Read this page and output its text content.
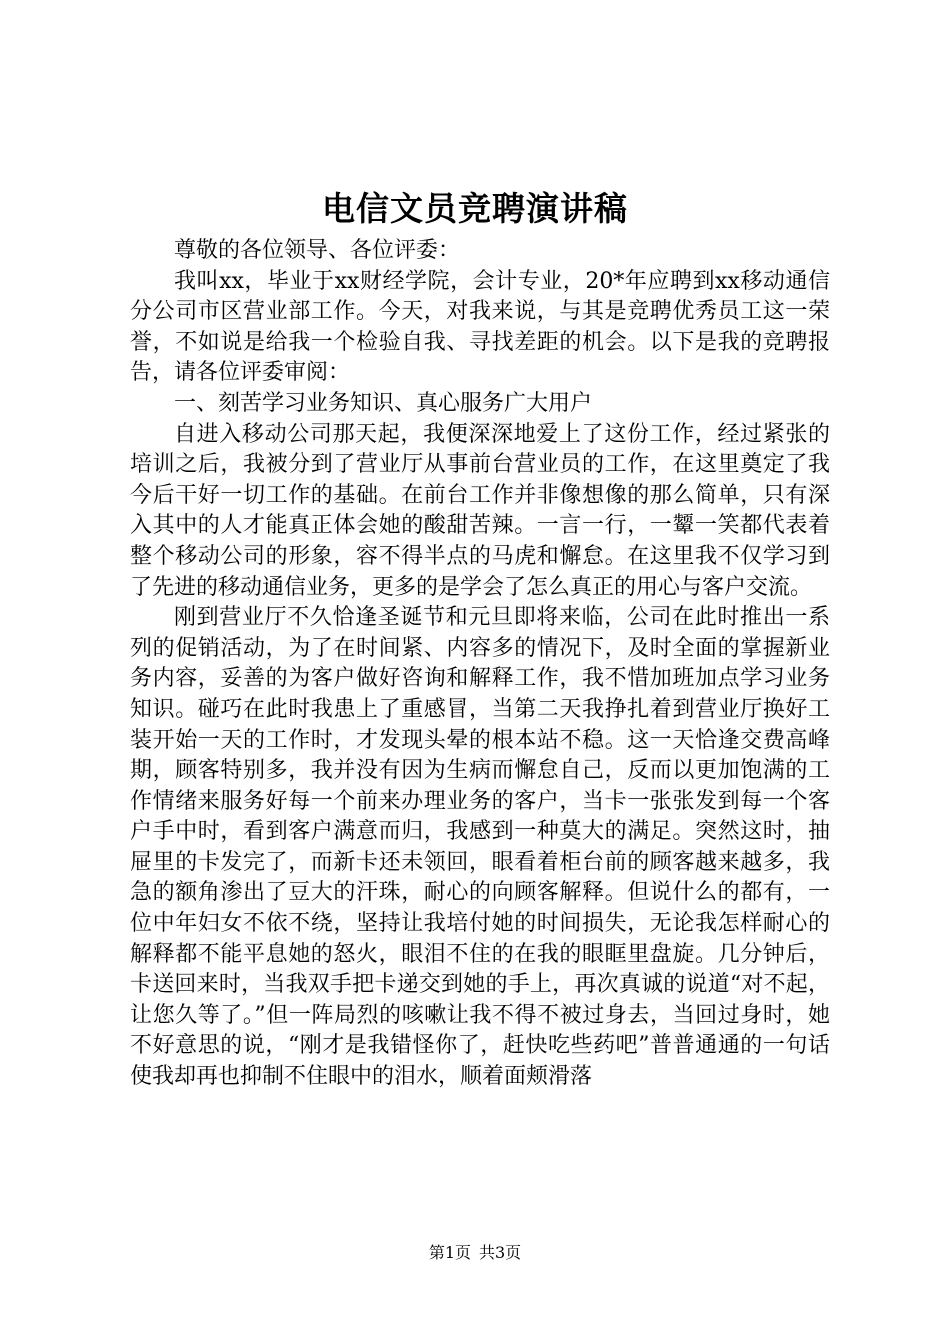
电信文员竞聘演讲稿

尊敬的各位领导、各位评委：

我叫xx，毕业于xx财经学院，会计专业，20*年应聘到xx移动通信分公司市区营业部工作。今天，对我来说，与其是竞聘优秀员工这一荣誉，不如说是给我一个检验自我、寻找差距的机会。以下是我的竞聘报告，请各位评委审阅：

一、刻苦学习业务知识、真心服务广大用户

自进入移动公司那天起，我便深深地爱上了这份工作，经过紧张的培训之后，我被分到了营业厅从事前台营业员的工作，在这里奠定了我今后干好一切工作的基础。在前台工作并非像想像的那么简单，只有深入其中的人才能真正体会她的酸甜苦辣。一言一行，一颦一笑都代表着整个移动公司的形象，容不得半点的马虎和懈怠。在这里我不仅学习到了先进的移动通信业务，更多的是学会了怎么真正的用心与客户交流。

刚到营业厅不久恰逢圣诞节和元旦即将来临，公司在此时推出一系列的促销活动，为了在时间紧、内容多的情况下，及时全面的掌握新业务内容，妥善的为客户做好咨询和解释工作，我不惜加班加点学习业务知识。碰巧在此时我患上了重感冒，当第二天我挣扎着到营业厅换好工装开始一天的工作时，才发现头晕的根本站不稳。这一天恰逢交费高峰期，顾客特别多，我并没有因为生病而懈怠自己，反而以更加饱满的工作情绪来服务好每一个前来办理业务的客户，当卡一张张发到每一个客户手中时，看到客户满意而归，我感到一种莫大的满足。突然这时，抽屉里的卡发完了，而新卡还未领回，眼看着柜台前的顾客越来越多，我急的额角渗出了豆大的汗珠，耐心的向顾客解释。但说什么的都有，一位中年妇女不依不绕，坚持让我培付她的时间损失，无论我怎样耐心的解释都不能平息她的怒火，眼泪不住的在我的眼眶里盘旋。几分钟后，卡送回来时，当我双手把卡递交到她的手上，再次真诚的说道“对不起，让您久等了。”但一阵局烈的咳嗽让我不得不被过身去，当回过身时，她不好意思的说，“刚才是我错怪你了，赶快吃些药吧”普普通通的一句话使我却再也抑制不住眼中的泪水，顺着面颊滑落

第1页 共3页
